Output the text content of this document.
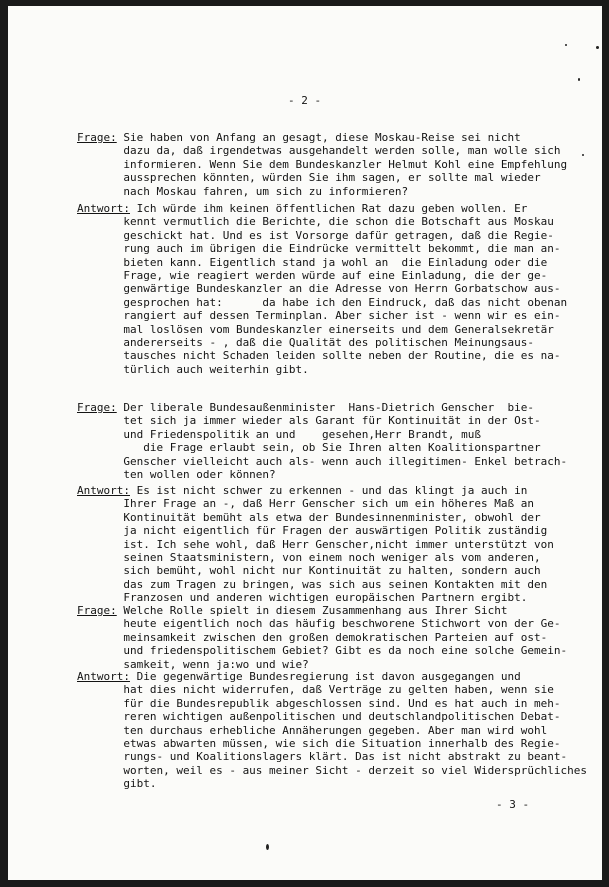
- 2 -
Frage: Sie haben von Anfang an gesagt, diese Moskau-Reise sei nicht
dazu da, daß irgendetwas ausgehandelt werden solle, man wolle sich
informieren. Wenn Sie dem Bundeskanzler Helmut Kohl eine Empfehlung
aussprechen könnten, würden Sie ihm sagen, er sollte mal wieder
nach Moskau fahren, um sich zu informieren?
Antwort: Ich würde ihm keinen öffentlichen Rat dazu geben wollen. Er
kennt vermutlich die Berichte, die schon die Botschaft aus Moskau
geschickt hat. Und es ist Vorsorge dafür getragen, daß die Regie-
rung auch im übrigen die Eindrücke vermittelt bekommt, die man an-
bieten kann. Eigentlich stand ja wohl an  die Einladung oder die
Frage, wie reagiert werden würde auf eine Einladung, die der ge-
genwärtige Bundeskanzler an die Adresse von Herrn Gorbatschow aus-
gesprochen hat:      da habe ich den Eindruck, daß das nicht obenan
rangiert auf dessen Terminplan. Aber sicher ist - wenn wir es ein-
mal loslösen vom Bundeskanzler einerseits und dem Generalsekretär
andererseits - , daß die Qualität des politischen Meinungsaus-
tausches nicht Schaden leiden sollte neben der Routine, die es na-
türlich auch weiterhin gibt.
Frage: Der liberale Bundesaußenminister  Hans-Dietrich Genscher  bie-
tet sich ja immer wieder als Garant für Kontinuität in der Ost-
und Friedenspolitik an und    gesehen,Herr Brandt, muß
die Frage erlaubt sein, ob Sie Ihren alten Koalitionspartner
Genscher vielleicht auch als- wenn auch illegitimen- Enkel betrach-
ten wollen oder können?
Antwort: Es ist nicht schwer zu erkennen - und das klingt ja auch in
Ihrer Frage an -, daß Herr Genscher sich um ein höheres Maß an
Kontinuität bemüht als etwa der Bundesinnenminister, obwohl der
ja nicht eigentlich für Fragen der auswärtigen Politik zuständig
ist. Ich sehe wohl, daß Herr Genscher,nicht immer unterstützt von
seinen Staatsministern, von einem noch weniger als vom anderen,
sich bemüht, wohl nicht nur Kontinuität zu halten, sondern auch
das zum Tragen zu bringen, was sich aus seinen Kontakten mit den
Franzosen und anderen wichtigen europäischen Partnern ergibt.
Frage: Welche Rolle spielt in diesem Zusammenhang aus Ihrer Sicht
heute eigentlich noch das häufig beschworene Stichwort von der Ge-
meinsamkeit zwischen den großen demokratischen Parteien auf ost-
und friedenspolitischem Gebiet? Gibt es da noch eine solche Gemein-
samkeit, wenn ja:wo und wie?
Antwort: Die gegenwärtige Bundesregierung ist davon ausgegangen und
hat dies nicht widerrufen, daß Verträge zu gelten haben, wenn sie
für die Bundesrepublik abgeschlossen sind. Und es hat auch in meh-
reren wichtigen außenpolitischen und deutschlandpolitischen Debat-
ten durchaus erhebliche Annäherungen gegeben. Aber man wird wohl
etwas abwarten müssen, wie sich die Situation innerhalb des Regie-
rungs- und Koalitionslagers klärt. Das ist nicht abstrakt zu beant-
worten, weil es - aus meiner Sicht - derzeit so viel Widersprüchliches
gibt.
- 3 -
